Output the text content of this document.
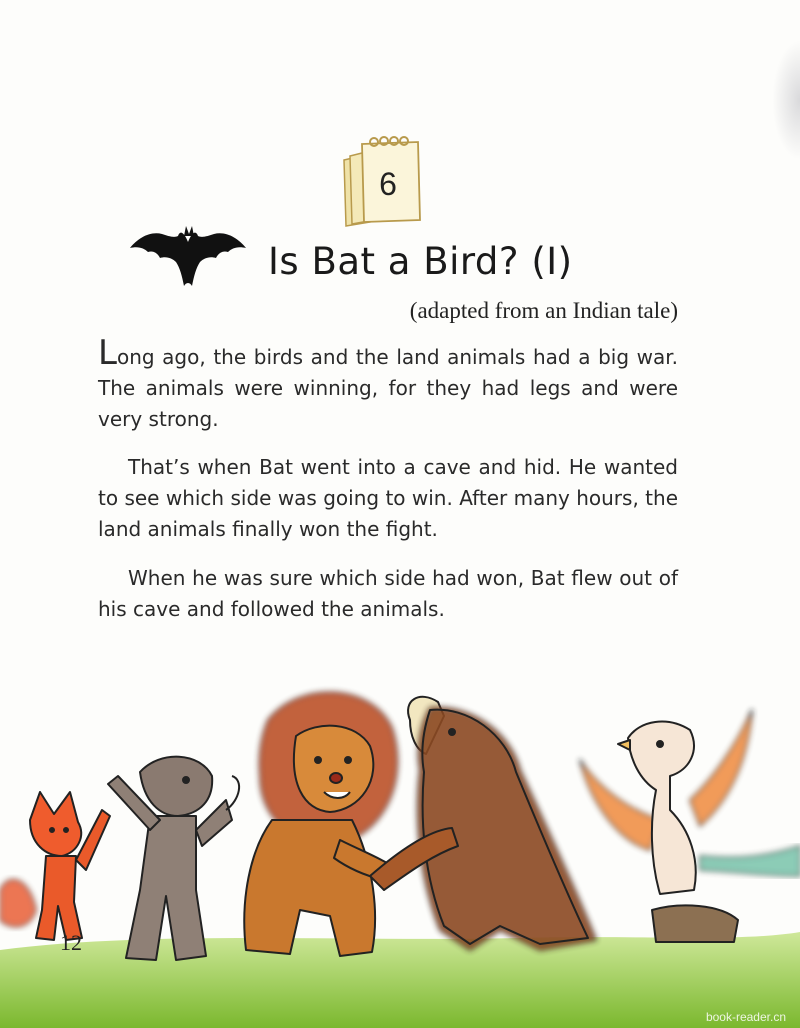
6
Is Bat a Bird? (I)
(adapted from an Indian tale)

Long ago, the birds and the land animals had a big war. The animals were winning, for they had legs and were very strong.

That’s when Bat went into a cave and hid. He wanted to see which side was going to win. After many hours, the land animals finally won the fight.

When he was sure which side had won, Bat flew out of his cave and followed the animals.

12
book-reader.cn
